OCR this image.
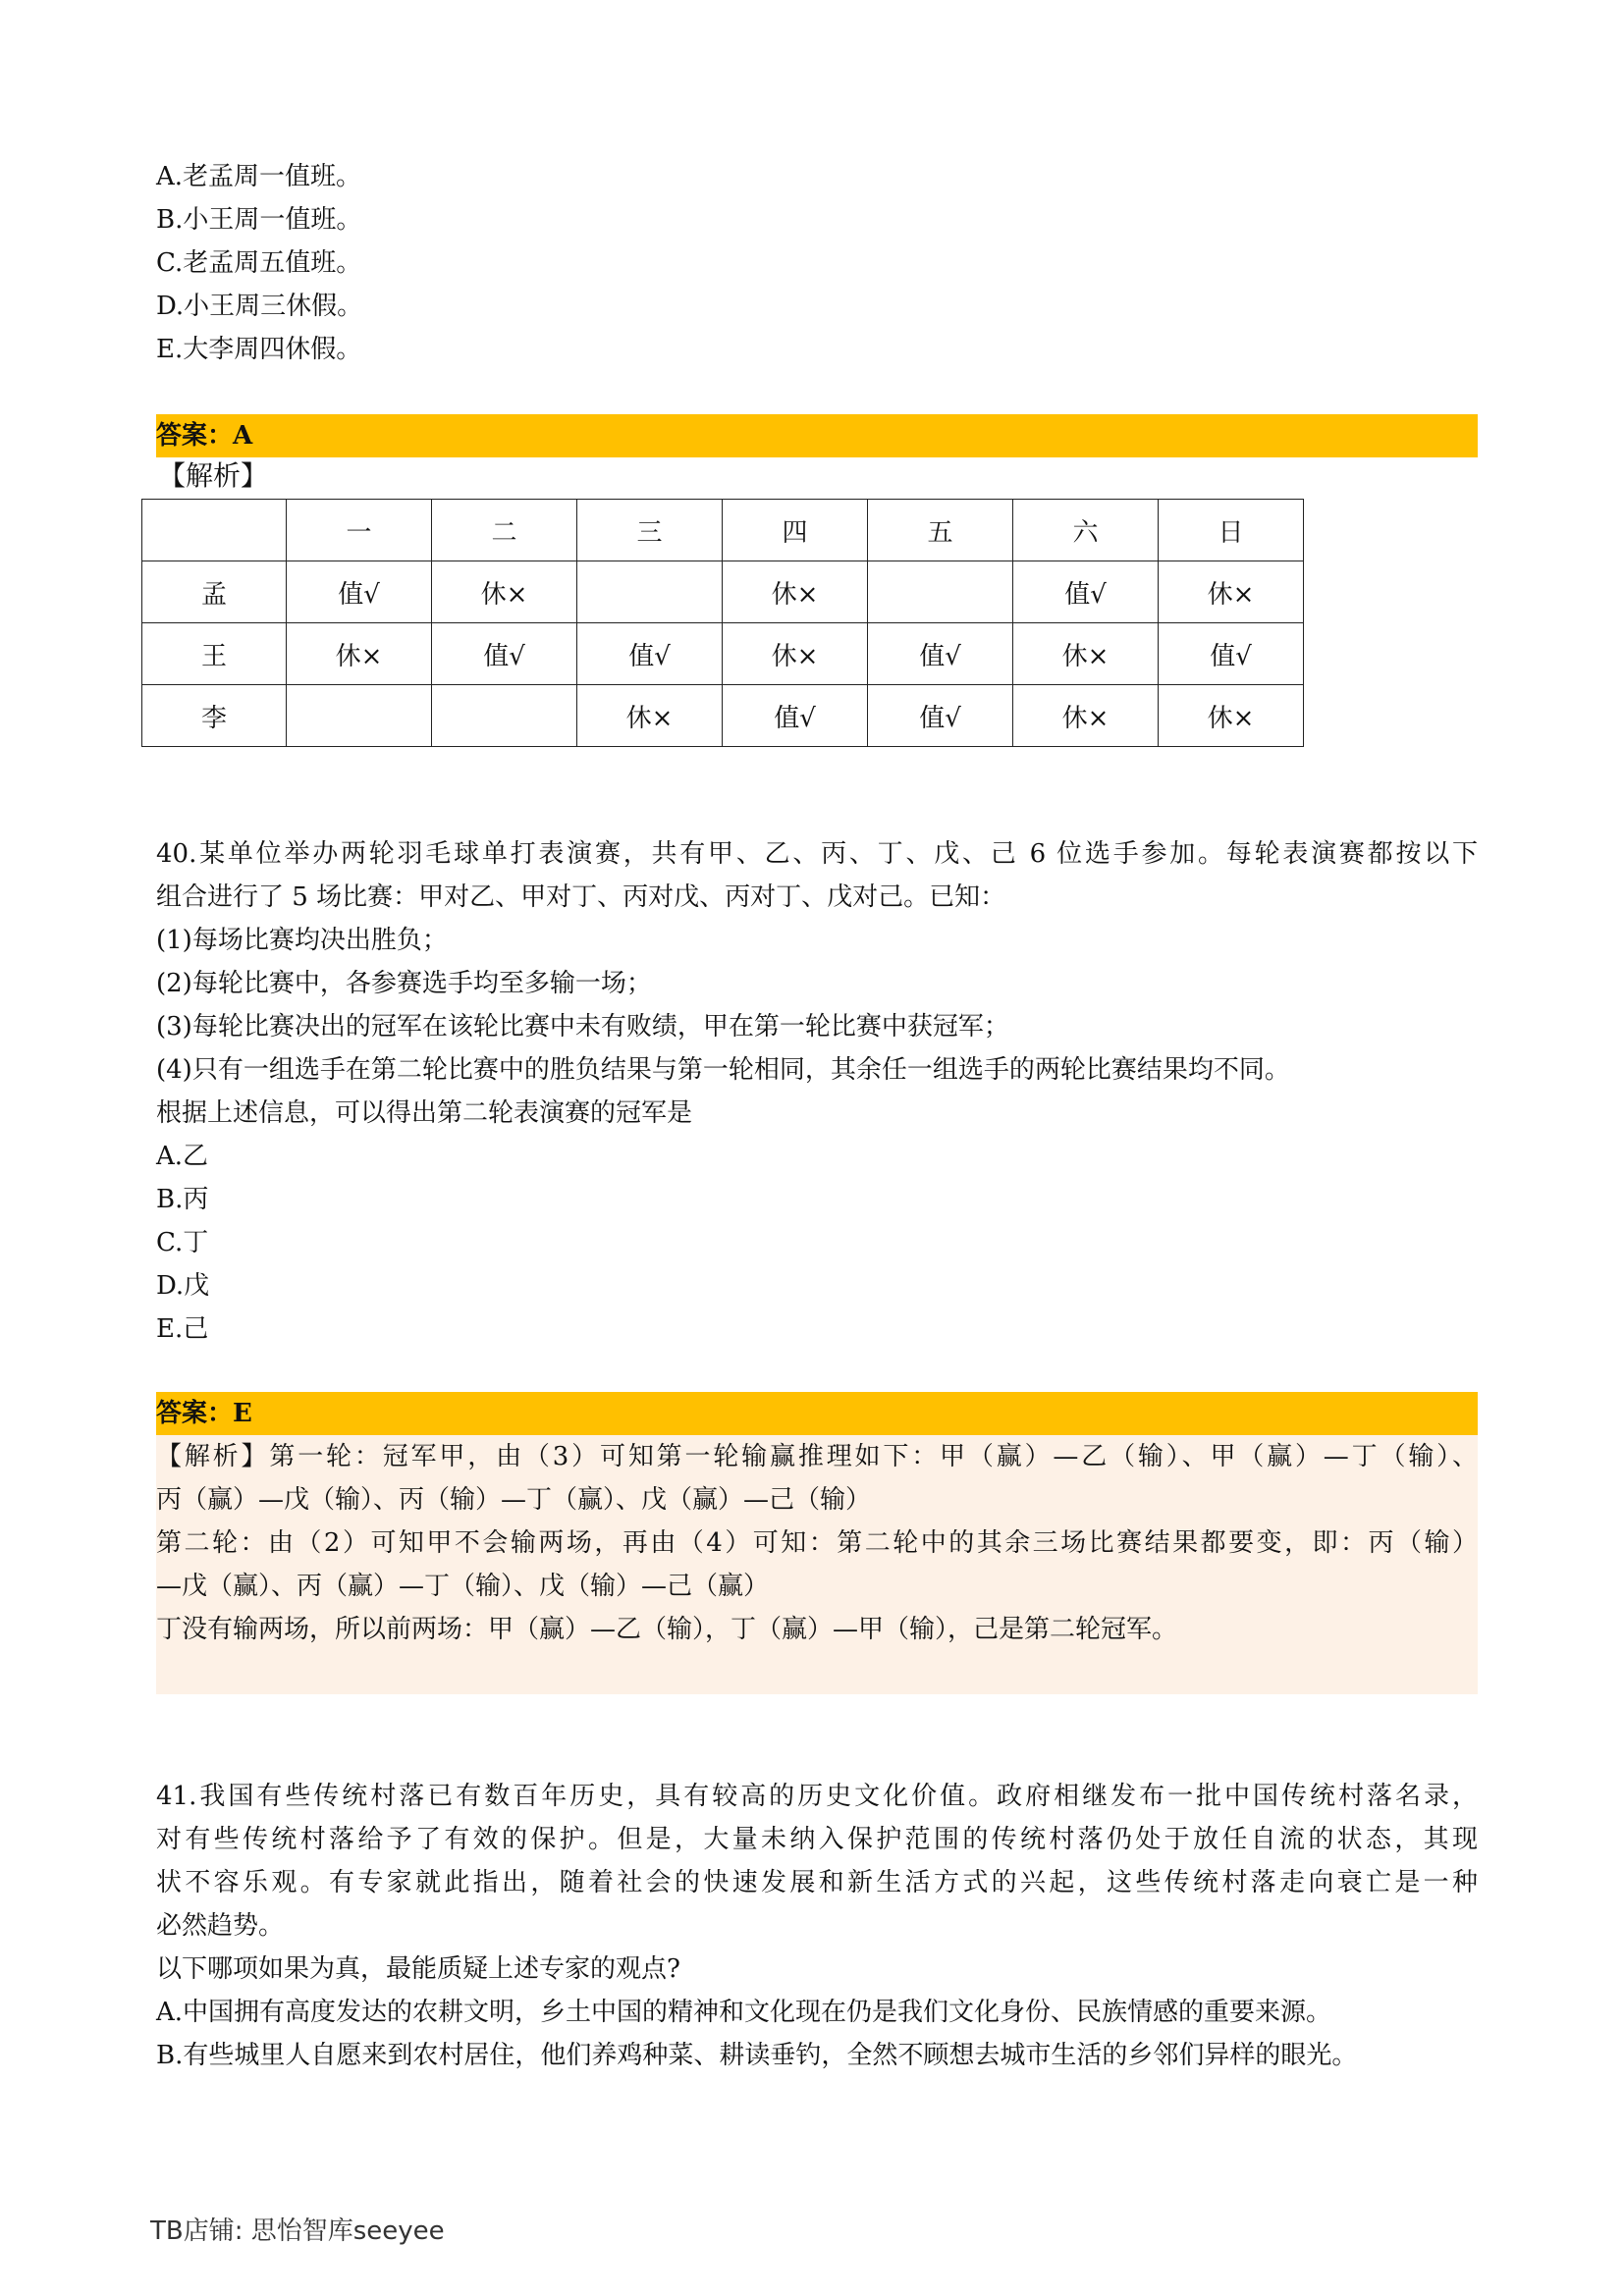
A.老孟周一值班。
B.小王周一值班。
C.老孟周五值班。
D.小王周三休假。
E.大李周四休假。
答案：A
【解析】
	一	二	三	四	五	六	日
孟	值√	休×		休×		值√	休×
王	休×	值√	值√	休×	值√	休×	值√
李			休×	值√	值√	休×	休×
40.某单位举办两轮羽毛球单打表演赛，共有甲、乙、丙、丁、戊、己 6 位选手参加。每轮表演赛都按以下
组合进行了 5 场比赛：甲对乙、甲对丁、丙对戊、丙对丁、戊对己。已知：
(1)每场比赛均决出胜负；
(2)每轮比赛中，各参赛选手均至多输一场；
(3)每轮比赛决出的冠军在该轮比赛中未有败绩，甲在第一轮比赛中获冠军；
(4)只有一组选手在第二轮比赛中的胜负结果与第一轮相同，其余任一组选手的两轮比赛结果均不同。
根据上述信息，可以得出第二轮表演赛的冠军是
A.乙
B.丙
C.丁
D.戊
E.己
答案：E
【解析】第一轮：冠军甲，由（3）可知第一轮输赢推理如下：甲（赢）—乙（输）、甲（赢）—丁（输）、
丙（赢）—戊（输）、丙（输）—丁（赢）、戊（赢）—己（输）
第二轮：由（2）可知甲不会输两场，再由（4）可知：第二轮中的其余三场比赛结果都要变，即：丙（输）
—戊（赢）、丙（赢）—丁（输）、戊（输）—己（赢）
丁没有输两场，所以前两场：甲（赢）—乙（输），丁（赢）—甲（输），己是第二轮冠军。
41.我国有些传统村落已有数百年历史，具有较高的历史文化价值。政府相继发布一批中国传统村落名录，
对有些传统村落给予了有效的保护。但是，大量未纳入保护范围的传统村落仍处于放任自流的状态，其现
状不容乐观。有专家就此指出，随着社会的快速发展和新生活方式的兴起，这些传统村落走向衰亡是一种
必然趋势。
以下哪项如果为真，最能质疑上述专家的观点?
A.中国拥有高度发达的农耕文明，乡土中国的精神和文化现在仍是我们文化身份、民族情感的重要来源。
B.有些城里人自愿来到农村居住，他们养鸡种菜、耕读垂钓，全然不顾想去城市生活的乡邻们异样的眼光。
TB店铺: 思怡智库seeyee
